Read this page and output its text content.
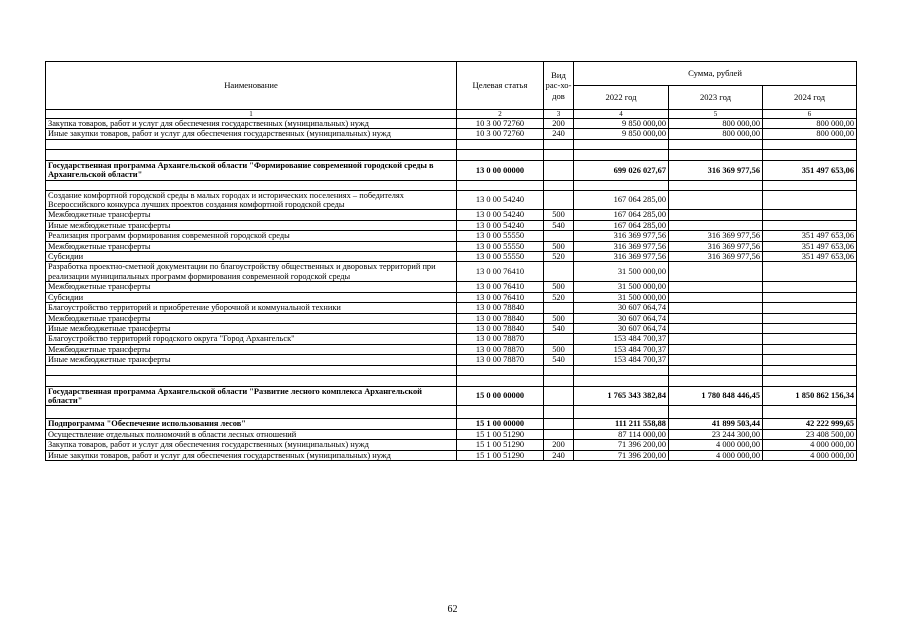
Наименование	Целевая статья	Вид рас-хо-дов	Сумма, рублей		
			2022 год	2023 год	2024 год
1	2	3	4	5	6
Закупка товаров, работ и услуг для обеспечения государственных (муниципальных) нужд	10 3 00 72760	200	9 850 000,00	800 000,00	800 000,00
Иные закупки товаров, работ и услуг для обеспечения государственных (муниципальных) нужд	10 3 00 72760	240	9 850 000,00	800 000,00	800 000,00

Государственная программа Архангельской области "Формирование современной городской среды в Архангельской области"	13 0 00 00000		699 026 027,67	316 369 977,56	351 497 653,06

Создание комфортной городской среды в малых городах и исторических поселениях – победителях Всероссийского конкурса лучших проектов создания комфортной городской среды	13 0 00 54240		167 064 285,00		
Межбюджетные трансферты	13 0 00 54240	500	167 064 285,00		
Иные межбюджетные трансферты	13 0 00 54240	540	167 064 285,00		
Реализация программ формирования современной городской среды	13 0 00 55550		316 369 977,56	316 369 977,56	351 497 653,06
Межбюджетные трансферты	13 0 00 55550	500	316 369 977,56	316 369 977,56	351 497 653,06
Субсидии	13 0 00 55550	520	316 369 977,56	316 369 977,56	351 497 653,06
Разработка проектно-сметной документации по благоустройству общественных и дворовых территорий при реализации муниципальных программ формирования современной городской среды	13 0 00 76410		31 500 000,00		
Межбюджетные трансферты	13 0 00 76410	500	31 500 000,00		
Субсидии	13 0 00 76410	520	31 500 000,00		
Благоустройство территорий и приобретение уборочной и коммунальной техники	13 0 00 78840		30 607 064,74		
Межбюджетные трансферты	13 0 00 78840	500	30 607 064,74		
Иные межбюджетные трансферты	13 0 00 78840	540	30 607 064,74		
Благоустройство территорий городского округа "Город Архангельск"	13 0 00 78870		153 484 700,37		
Межбюджетные трансферты	13 0 00 78870	500	153 484 700,37		
Иные межбюджетные трансферты	13 0 00 78870	540	153 484 700,37		

Государственная программа Архангельской области "Развитие лесного комплекса Архангельской области"	15 0 00 00000		1 765 343 382,84	1 780 848 446,45	1 850 862 156,34

Подпрограмма "Обеспечение использования лесов"	15 1 00 00000		111 211 558,88	41 899 503,44	42 222 999,65
Осуществление отдельных полномочий в области лесных отношений	15 1 00 51290		87 114 000,00	23 244 300,00	23 408 500,00
Закупка товаров, работ и услуг для обеспечения государственных (муниципальных) нужд	15 1 00 51290	200	71 396 200,00	4 000 000,00	4 000 000,00
Иные закупки товаров, работ и услуг для обеспечения государственных (муниципальных) нужд	15 1 00 51290	240	71 396 200,00	4 000 000,00	4 000 000,00
62
